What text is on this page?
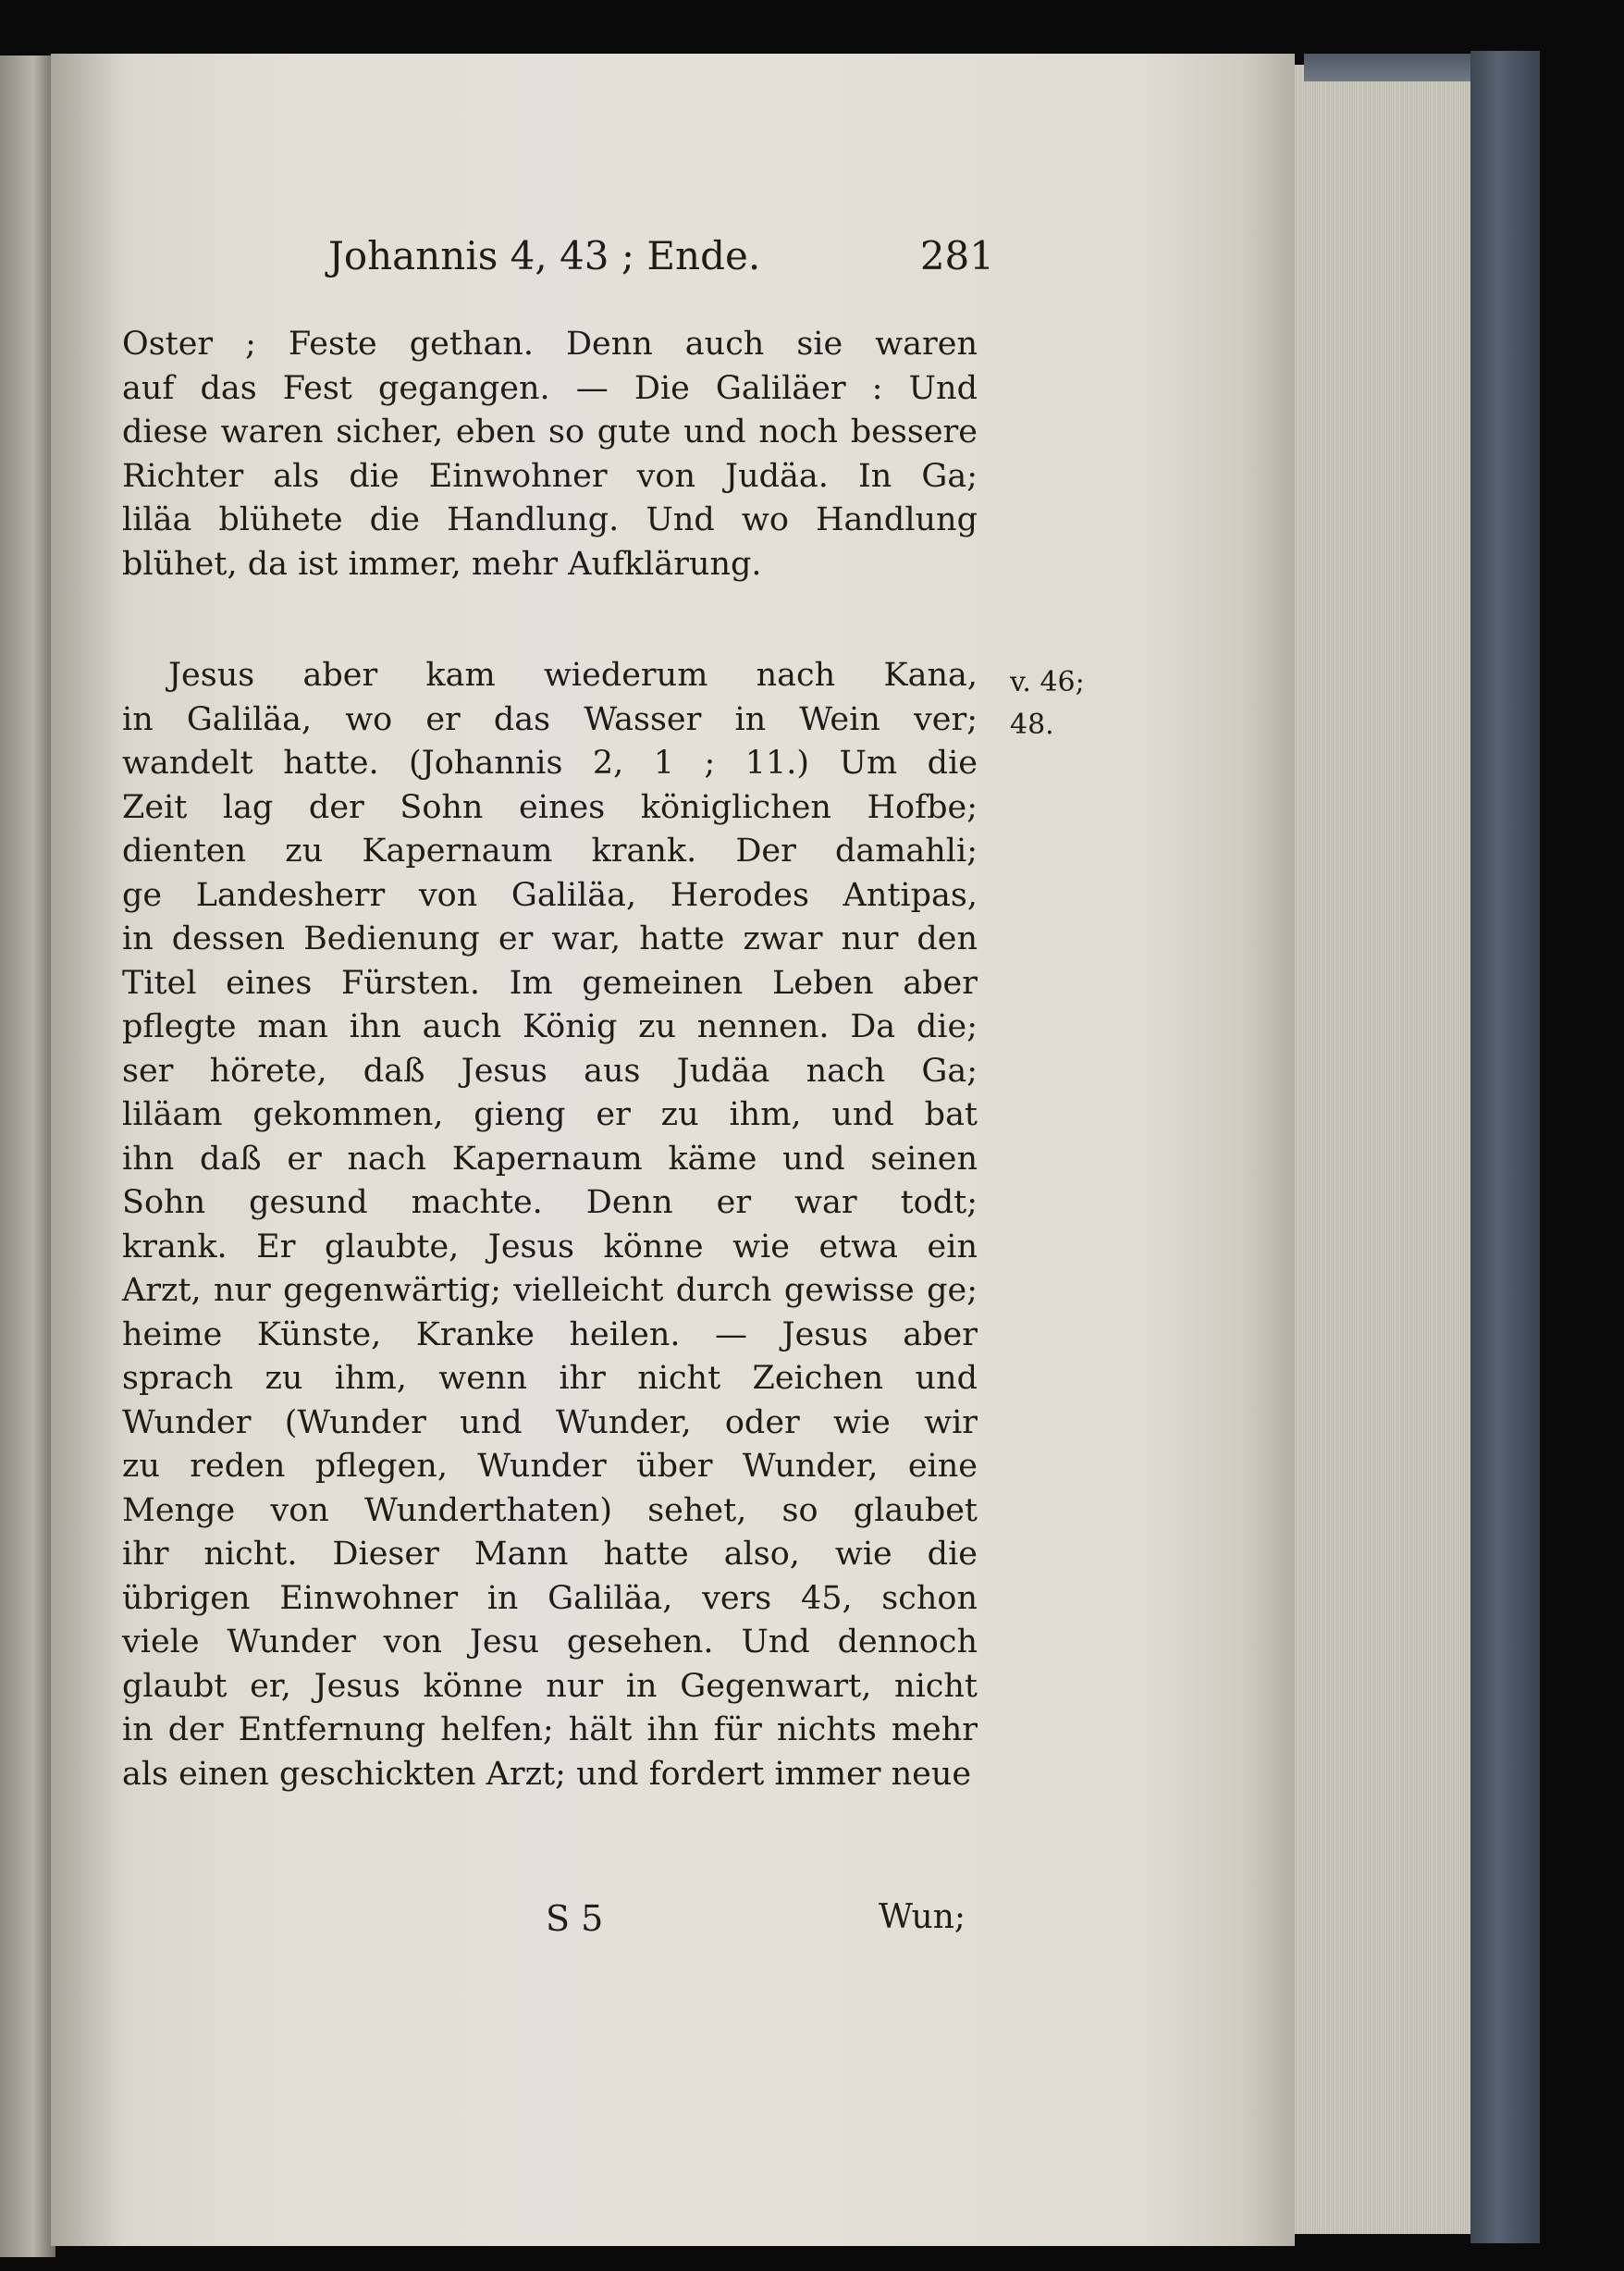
Johannis 4, 43 ; Ende.	281
Oster ; Feste gethan. Denn auch sie waren
auf das Fest gegangen. — Die Galiläer : Und
diese waren sicher, eben so gute und noch bessere
Richter als die Einwohner von Judäa. In Ga;
liläa blühete die Handlung. Und wo Handlung
blühet, da ist immer, mehr Aufklärung.
Jesus aber kam wiederum nach Kana,
in Galiläa, wo er das Wasser in Wein ver;
wandelt hatte. (Johannis 2, 1 ; 11.) Um die
Zeit lag der Sohn eines königlichen Hofbe;
dienten zu Kapernaum krank. Der damahli;
ge Landesherr von Galiläa, Herodes Antipas,
in dessen Bedienung er war, hatte zwar nur den
Titel eines Fürsten. Im gemeinen Leben aber
pflegte man ihn auch König zu nennen. Da die;
ser hörete, daß Jesus aus Judäa nach Ga;
liläam gekommen, gieng er zu ihm, und bat
ihn daß er nach Kapernaum käme und seinen
Sohn gesund machte. Denn er war todt;
krank. Er glaubte, Jesus könne wie etwa ein
Arzt, nur gegenwärtig; vielleicht durch gewisse ge;
heime Künste, Kranke heilen. — Jesus aber
sprach zu ihm, wenn ihr nicht Zeichen und
Wunder (Wunder und Wunder, oder wie wir
zu reden pflegen, Wunder über Wunder, eine
Menge von Wunderthaten) sehet, so glaubet
ihr nicht. Dieser Mann hatte also, wie die
übrigen Einwohner in Galiläa, vers 45, schon
viele Wunder von Jesu gesehen. Und dennoch
glaubt er, Jesus könne nur in Gegenwart, nicht
in der Entfernung helfen; hält ihn für nichts mehr
als einen geschickten Arzt; und fordert immer neue
v. 46;
48.
S 5	Wun;
